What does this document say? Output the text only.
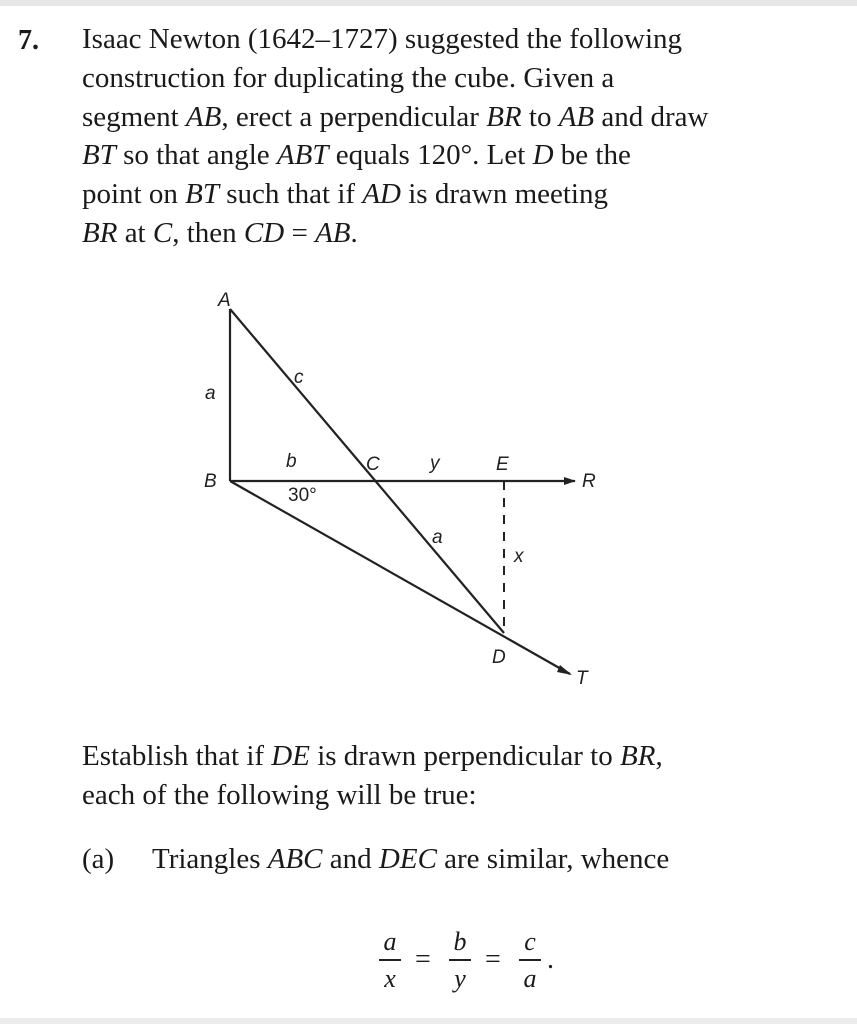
7. Isaac Newton (1642–1727) suggested the following
construction for duplicating the cube. Given a
segment AB, erect a perpendicular BR to AB and draw
BT so that angle ABT equals 120°. Let D be the
point on BT such that if AD is drawn meeting
BR at C, then CD = AB.
A
B
C	E
R
D
T
a
c
b	y
a
x
30°
Establish that if DE is drawn perpendicular to BR,
each of the following will be true:
(a) Triangles ABC and DEC are similar, whence
a
x
=
b
y
=
c
a
.
